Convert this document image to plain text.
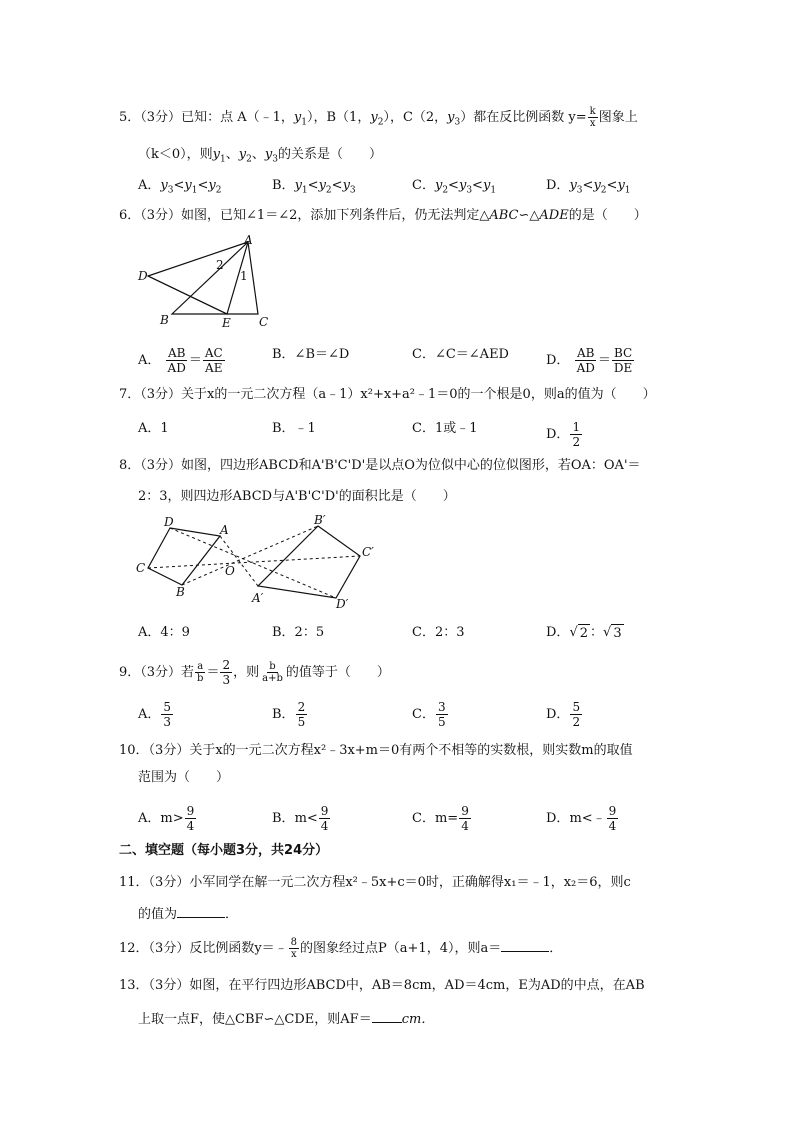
5．（3分）已知：点 A（﹣1，$y_1$），B（1，$y_2$），C（2，$y_3$）都在反比例函数 $y= \frac{k}{x}$ 图象上
（k＜0），则$y_1$、$y_2$、$y_3$的关系是（　　）
A．$y_3<y_1<y_2$	B．$y_1<y_2<y_3$	C．$y_2<y_3<y_1$	D．$y_3<y_2<y_1$
6．（3分）如图，已知∠1＝∠2，添加下列条件后，仍无法判定△ABC∽△ADE的是（　　）
A
B	C
D
E
2
1
A． $\frac{AB}{AD} = \frac{AC}{AE}$	B．∠B＝∠D	C．∠C＝∠AED	D． $\frac{AB}{AD} = \frac{BC}{DE}$
7．（3分）关于x的一元二次方程（a﹣1）x²+x+a²﹣1＝0的一个根是0，则a的值为（　　）
A．1	B．﹣1	C．1或﹣1	D． $\frac{1}{2}$
8．（3分）如图，四边形ABCD和A'B'C'D'是以点O为位似中心的位似图形，若OA：OA'＝
2：3，则四边形ABCD与A'B'C'D'的面积比是（　　）
D
A
C
B
O
B′
C′
A′	D′
A．4：9	B．2：5	C．2：3	D．√ 2 ：√ 3
9．（3分）若 $\frac{a}{b} = \frac{2}{3}$ ，则 $\frac{b}{a+b}$ 的值等于（　　）
A． $\frac{5}{3}$	B． $\frac{2}{5}$	C． $\frac{3}{5}$	D． $\frac{5}{2}$
10．（3分）关于x的一元二次方程x²﹣3x+m＝0有两个不相等的实数根，则实数m的取值
范围为（　　）
A．$m> \frac{9}{4}$	B．$m< \frac{9}{4}$	C．$m= \frac{9}{4}$	D．m<﹣ $\frac{9}{4}$
二、填空题（每小题3分，共24分）
11．（3分）小军同学在解一元二次方程x²﹣5x+c＝0时，正确解得x₁＝﹣1，x₂＝6，则c
的值为	．
12．（3分）反比例函数y＝﹣ $\frac{8}{x}$ 的图象经过点P（a+1，4），则a＝	．
13．（3分）如图，在平行四边形ABCD中，AB＝8cm，AD＝4cm，E为AD的中点，在AB
上取一点F，使△CBF∽△CDE，则AF＝ cm．
